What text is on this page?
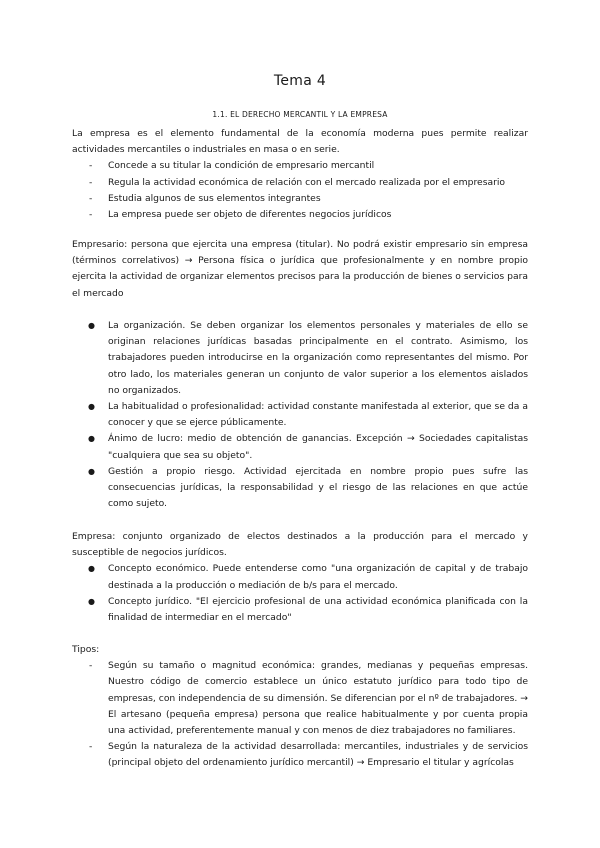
Tema 4
1.1. EL DERECHO MERCANTIL Y LA EMPRESA

La empresa es el elemento fundamental de la economía moderna pues permite realizar actividades mercantiles o industriales en masa o en serie.

- Concede a su titular la condición de empresario mercantil
- Regula la actividad económica de relación con el mercado realizada por el empresario
- Estudia algunos de sus elementos integrantes
- La empresa puede ser objeto de diferentes negocios jurídicos

Empresario: persona que ejercita una empresa (titular). No podrá existir empresario sin empresa (términos correlativos) → Persona física o jurídica que profesionalmente y en nombre propio ejercita la actividad de organizar elementos precisos para la producción de bienes o servicios para el mercado

● La organización. Se deben organizar los elementos personales y materiales de ello se originan relaciones jurídicas basadas principalmente en el contrato. Asimismo, los trabajadores pueden introducirse en la organización como representantes del mismo. Por otro lado, los materiales generan un conjunto de valor superior a los elementos aislados no organizados.
● La habitualidad o profesionalidad: actividad constante manifestada al exterior, que se da a conocer y que se ejerce públicamente.
● Ánimo de lucro: medio de obtención de ganancias. Excepción → Sociedades capitalistas "cualquiera que sea su objeto".
● Gestión a propio riesgo. Actividad ejercitada en nombre propio pues sufre las consecuencias jurídicas, la responsabilidad y el riesgo de las relaciones en que actúe como sujeto.

Empresa: conjunto organizado de electos destinados a la producción para el mercado y susceptible de negocios jurídicos.

● Concepto económico. Puede entenderse como "una organización de capital y de trabajo destinada a la producción o mediación de b/s para el mercado.
● Concepto jurídico. "El ejercicio profesional de una actividad económica planificada con la finalidad de intermediar en el mercado"

Tipos:

- Según su tamaño o magnitud económica: grandes, medianas y pequeñas empresas. Nuestro código de comercio establece un único estatuto jurídico para todo tipo de empresas, con independencia de su dimensión. Se diferencian por el nº de trabajadores. → El artesano (pequeña empresa) persona que realice habitualmente y por cuenta propia una actividad, preferentemente manual y con menos de diez trabajadores no familiares.
- Según la naturaleza de la actividad desarrollada: mercantiles, industriales y de servicios (principal objeto del ordenamiento jurídico mercantil) → Empresario el titular y agrícolas
